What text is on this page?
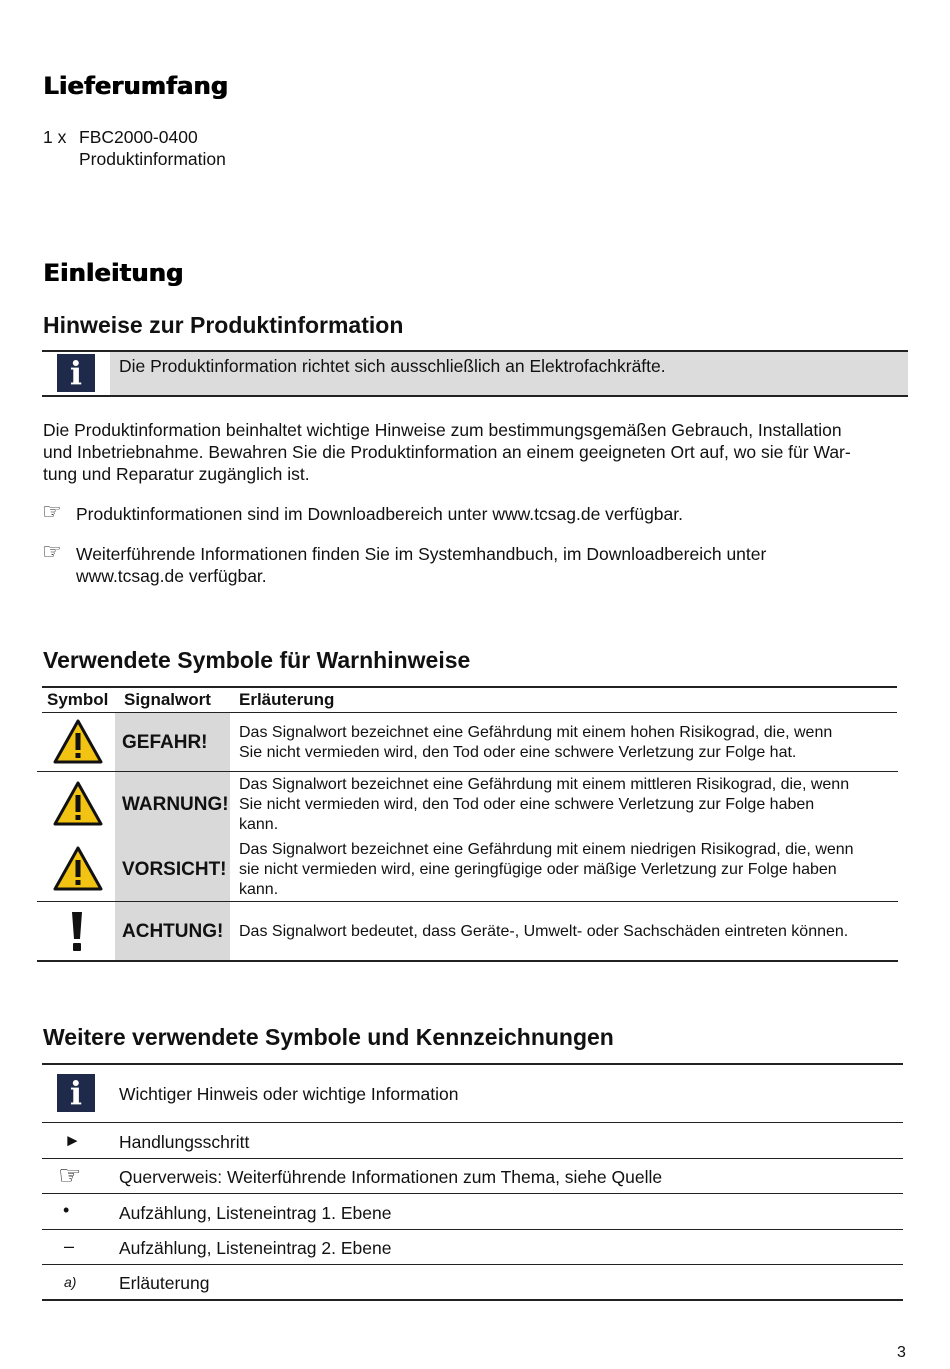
Lieferumfang
1 x FBC2000-0400
Produktinformation
Einleitung
Hinweise zur Produktinformation
i	Die Produktinformation richtet sich ausschließlich an Elektrofachkräfte.
Die Produktinformation beinhaltet wichtige Hinweise zum bestimmungsgemäßen Gebrauch, Installation
und Inbetriebnahme. Bewahren Sie die Produktinformation an einem geeigneten Ort auf, wo sie für War-
tung und Reparatur zugänglich ist.
☞ Produktinformationen sind im Downloadbereich unter www.tcsag.de verfügbar.
☞ Weiterführende Informationen finden Sie im Systemhandbuch, im Downloadbereich unter
www.tcsag.de verfügbar.
Verwendete Symbole für Warnhinweise
Symbol Signalwort Erläuterung
GEFAHR! Das Signalwort bezeichnet eine Gefährdung mit einem hohen Risikograd, die, wenn
Sie nicht vermieden wird, den Tod oder eine schwere Verletzung zur Folge hat.
WARNUNG!
Das Signalwort bezeichnet eine Gefährdung mit einem mittleren Risikograd, die, wenn
Sie nicht vermieden wird, den Tod oder eine schwere Verletzung zur Folge haben
kann.
VORSICHT!
Das Signalwort bezeichnet eine Gefährdung mit einem niedrigen Risikograd, die, wenn
sie nicht vermieden wird, eine geringfügige oder mäßige Verletzung zur Folge haben
kann.
ACHTUNG! Das Signalwort bedeutet, dass Geräte-, Umwelt- oder Sachschäden eintreten können.
Weitere verwendete Symbole und Kennzeichnungen
i	Wichtiger Hinweis oder wichtige Information
► Handlungsschritt
☞ Querverweis: Weiterführende Informationen zum Thema, siehe Quelle
•	Aufzählung, Listeneintrag 1. Ebene
–	Aufzählung, Listeneintrag 2. Ebene
a) Erläuterung
3
